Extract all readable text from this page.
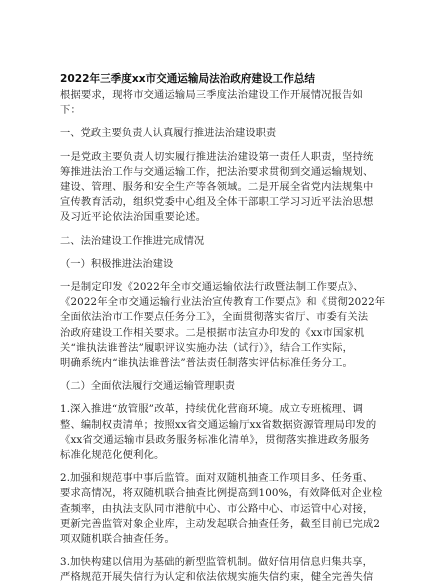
2022年三季度xx市交通运输局法治政府建设工作总结

根据要求，现将市交通运输局三季度法治建设工作开展情况报告如

下：

一、党政主要负责人认真履行推进法治建设职责

一是党政主要负责人切实履行推进法治建设第一责任人职责，坚持统

筹推进法治工作与交通运输工作，把法治要求贯彻到交通运输规划、

建设、管理、服务和安全生产等各领域。二是开展全省党内法规集中

宣传教育活动，组织党委中心组及全体干部职工学习习近平法治思想

及习近平论依法治国重要论述。

二、法治建设工作推进完成情况

（一）积极推进法治建设

一是制定印发《2022年全市交通运输依法行政暨法制工作要点》、

《2022年全市交通运输行业法治宣传教育工作要点》和《贯彻2022年

全面依法治市工作要点任务分工》，全面贯彻落实省厅、市委有关法

治政府建设工作相关要求。二是根据市法宣办印发的《xx市国家机

关“谁执法谁普法”履职评议实施办法（试行）》，结合工作实际，

明确系统内“谁执法谁普法”普法责任制落实评估标准任务分工。

（二）全面依法履行交通运输管理职责

1.深入推进“放管服”改革，持续优化营商环境。成立专班梳理、调

整、编制权责清单；按照xx省交通运输厅xx省数据资源管理局印发的

《xx省交通运输市县政务服务标准化清单》，贯彻落实推进政务服务

标准化规范化便利化。

2.加强和规范事中事后监管。面对双随机抽查工作项目多、任务重、

要求高情况，将双随机联合抽查比例提高到100%，有效降低对企业检

查频率，由执法支队同市港航中心、市公路中心、市运管中心对接，

更新完善监管对象企业库，主动发起联合抽查任务，截至目前已完成2

项双随机联合抽查任务。

3.加快构建以信用为基础的新型监管机制。做好信用信息归集共享，

严格规范开展失信行为认定和依法依规实施失信约束，健全完善失信
